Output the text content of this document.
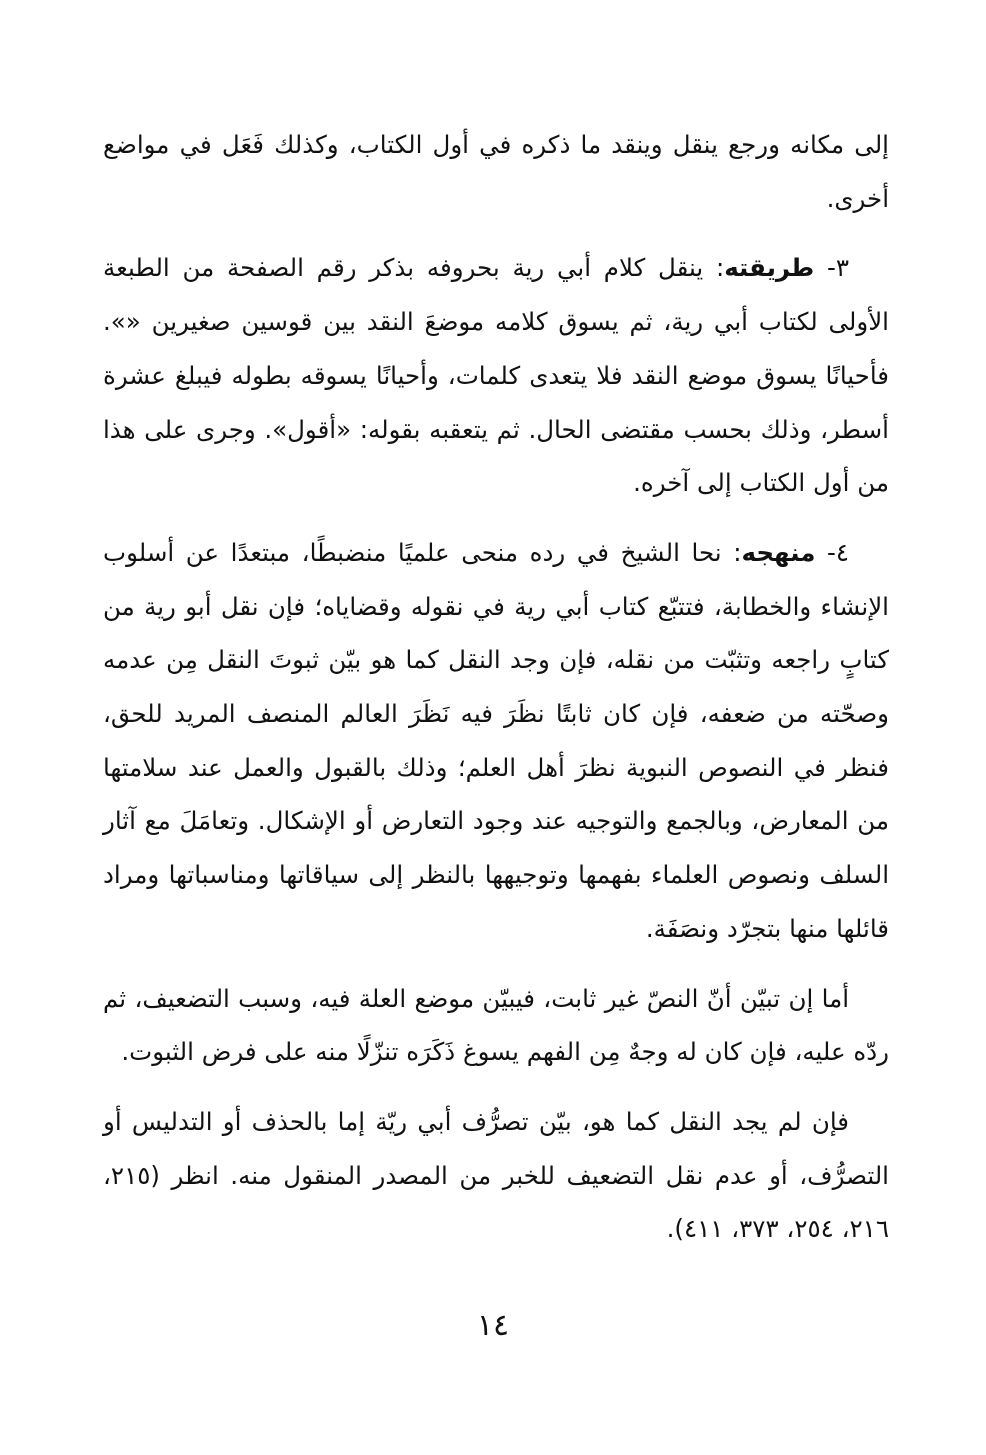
إلى مكانه ورجع ينقل وينقد ما ذكره في أول الكتاب، وكذلك فَعَل في مواضع أخرى.

٣- طريقته: ينقل كلام أبي رية بحروفه بذكر رقم الصفحة من الطبعة الأولى لكتاب أبي رية، ثم يسوق كلامه موضعَ النقد بين قوسين صغيرين «». فأحيانًا يسوق موضع النقد فلا يتعدى كلمات، وأحيانًا يسوقه بطوله فيبلغ عشرة أسطر، وذلك بحسب مقتضى الحال. ثم يتعقبه بقوله: «أقول». وجرى على هذا من أول الكتاب إلى آخره.

٤- منهجه: نحا الشيخ في رده منحى علميًا منضبطًا، مبتعدًا عن أسلوب الإنشاء والخطابة، فتتبّع كتاب أبي رية في نقوله وقضاياه؛ فإن نقل أبو رية من كتابٍ راجعه وتثبّت من نقله، فإن وجد النقل كما هو بيّن ثبوتَ النقل مِن عدمه وصحّته من ضعفه، فإن كان ثابتًا نظَرَ فيه نَظَرَ العالم المنصف المريد للحق، فنظر في النصوص النبوية نظرَ أهل العلم؛ وذلك بالقبول والعمل عند سلامتها من المعارض، وبالجمع والتوجيه عند وجود التعارض أو الإشكال. وتعامَلَ مع آثار السلف ونصوص العلماء بفهمها وتوجيهها بالنظر إلى سياقاتها ومناسباتها ومراد قائلها منها بتجرّد ونصَفَة.

أما إن تبيّن أنّ النصّ غير ثابت، فيبيّن موضع العلة فيه، وسبب التضعيف، ثم ردّه عليه، فإن كان له وجهٌ مِن الفهم يسوغ ذَكَرَه تنزّلًا منه على فرض الثبوت.

فإن لم يجد النقل كما هو، بيّن تصرُّف أبي ريّة إما بالحذف أو التدليس أو التصرُّف، أو عدم نقل التضعيف للخبر من المصدر المنقول منه. انظر (٢١٥، ٢١٦، ٢٥٤، ٣٧٣، ٤١١).

١٤
